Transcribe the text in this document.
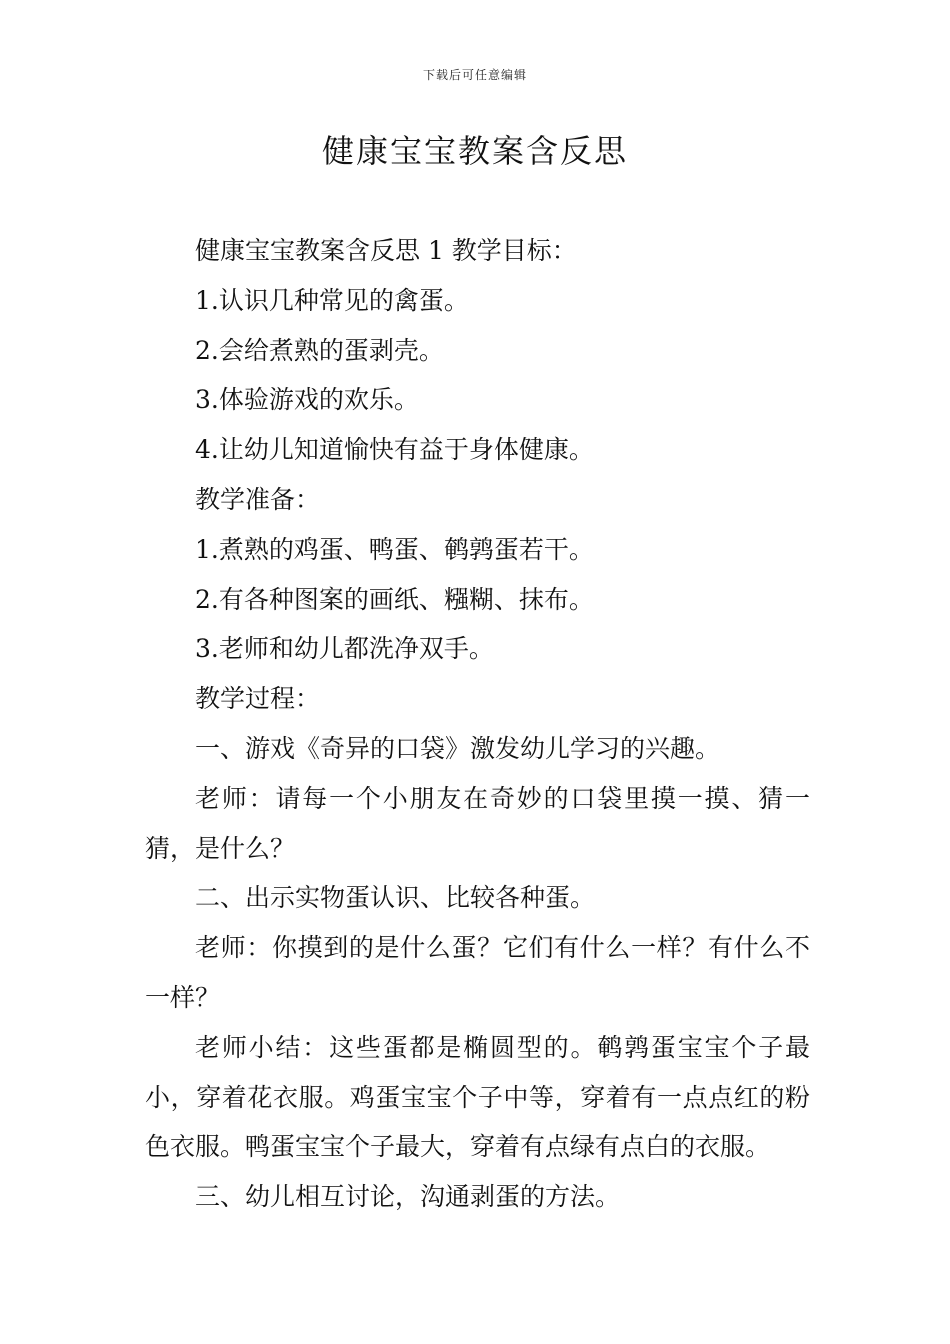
下载后可任意编辑
健康宝宝教案含反思

健康宝宝教案含反思 1 教学目标：

1.认识几种常见的禽蛋。

2.会给煮熟的蛋剥壳。

3.体验游戏的欢乐。

4.让幼儿知道愉快有益于身体健康。

教学准备：

1.煮熟的鸡蛋、鸭蛋、鹌鹑蛋若干。

2.有各种图案的画纸、糨糊、抹布。

3.老师和幼儿都洗净双手。

教学过程：

一、游戏《奇异的口袋》激发幼儿学习的兴趣。

老师：请每一个小朋友在奇妙的口袋里摸一摸、猜一猜，是什么？

二、出示实物蛋认识、比较各种蛋。

老师：你摸到的是什么蛋？它们有什么一样？有什么不一样？

老师小结：这些蛋都是椭圆型的。鹌鹑蛋宝宝个子最小，穿着花衣服。鸡蛋宝宝个子中等，穿着有一点点红的粉色衣服。鸭蛋宝宝个子最大，穿着有点绿有点白的衣服。

三、幼儿相互讨论，沟通剥蛋的方法。
